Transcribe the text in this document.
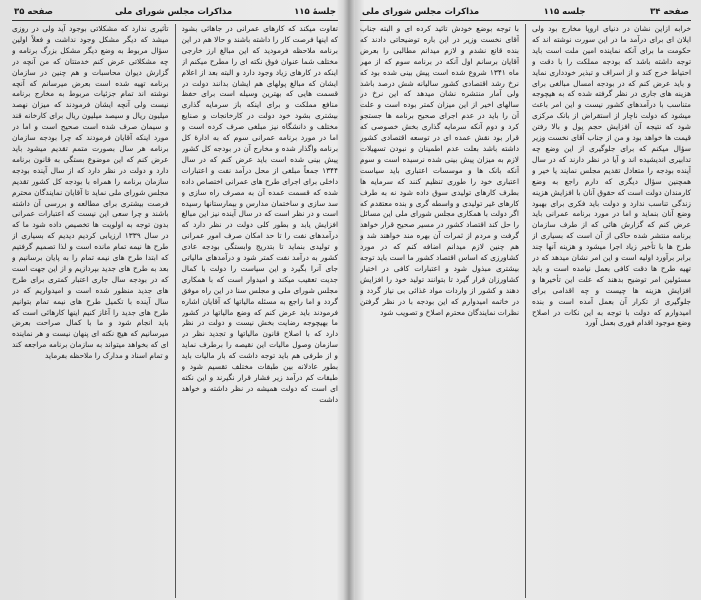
جلسهٔ ۱۱۵
مذاکرات مجلس شورای ملی
صفحه ۳۵

تفاوت میکند که کارهای عمرانی در جاهائی بشود که اینها فرصت کار را داشته باشند و حالا هم در این برنامه ملاحظه فرمودید که این مبالغ ارز خارجی مختلف شما عنوان فوق نکته ای را مطرح میکنم از اینکه در کارهای زیاد وجود دارد و البته بعد از اعلام ایشان که مبالغ پولهای هم ایشان بدانند دولت در قسمت هایی که بهترین وسیله است برای حفظ منافع مملکت و برای اینکه باز سرمایه گذاری بیشتری بشود خود دولت در کارخانجات و صنایع مختلف و دانشگاه نیز مبلغی صرف کرده است و اما در مورد برنامه عمرانی سوم که به ادارهٔ کل برنامه واگذار شده و مخارج آن در بودجه کل کشور پیش بینی شده است باید عرض کنم که در سال ۱۳۴۴ جمعاً مبلغی از محل درآمد نفت و اعتبارات داخلی برای اجرای طرح های عمرانی اختصاص داده شده که قسمت عمده آن به مصرف راه سازی و سد سازی و ساختمان مدارس و بیمارستانها رسیده است و در نظر است که در سال آینده نیز این مبالغ افزایش یابد و بطور کلی دولت در نظر دارد که درآمدهای نفت را تا حد امکان صرف امور عمرانی و تولیدی بنماید تا بتدریج وابستگی بودجه عادی کشور به درآمد نفت کمتر شود و درآمدهای مالیاتی جای آنرا بگیرد و این سیاست را دولت با کمال جدیت تعقیب میکند و امیدوار است که با همکاری مجلس شورای ملی و مجلس سنا در این راه موفق گردد و اما راجع به مسئله مالیاتها که آقایان اشاره فرمودند باید عرض کنم که وضع مالیاتها در کشور ما بهیچوجه رضایت بخش نیست و دولت در نظر دارد که با اصلاح قانون مالیاتها و تجدید نظر در سازمان وصول مالیات این نقیصه را برطرف نماید و از طرفی هم باید توجه داشت که بار مالیات باید بطور عادلانه بین طبقات مختلف تقسیم شود و طبقات کم درآمد زیر فشار قرار نگیرند و این نکته ای است که دولت همیشه در نظر داشته و خواهد داشت

تأثیری ندارد که مشکلاتی بوجود آید ولی در روزی میشد که دیگر مشکل وجود نداشت و فعلاً اولین سؤال مربوط به وضع دیگر مشکل بزرگ برنامه و چه مشکلاتی عرض کنم خدمتتان که من آنچه در گزارش دیوان محاسبات و هم چنین در سازمان برنامه تهیه شده است بعرض میرسانم که آنچه نوشته اند تمام جزئیات مربوط به مخارج برنامه نیست ولی آنچه ایشان فرمودند که میزان نهصد میلیون ریال و سیصد میلیون ریال برای کارخانه قند و سیمان صرف شده است صحیح است و اما در مورد اینکه آقایان فرمودند که چرا بودجه سازمان برنامه هر سال بصورت متمم تقدیم میشود باید عرض کنم که این موضوع بستگی به قانون برنامه دارد و دولت در نظر دارد که از سال آینده بودجه سازمان برنامه را همراه با بودجه کل کشور تقدیم مجلس شورای ملی نماید تا آقایان نمایندگان محترم فرصت بیشتری برای مطالعه و بررسی آن داشته باشند و چرا سعی این نیست که اعتبارات عمرانی بدون توجه به اولویت ها تخصیص داده شود ما که در سال ۱۳۳۹ ارزیابی کردیم دیدیم که بسیاری از طرح ها نیمه تمام مانده است و لذا تصمیم گرفتیم که ابتدا طرح های نیمه تمام را به پایان برسانیم و بعد به طرح های جدید بپردازیم و از این جهت است که در بودجه سال جاری اعتبار کمتری برای طرح های جدید منظور شده است و امیدواریم که در سال آینده با تکمیل طرح های نیمه تمام بتوانیم طرح های جدید را آغاز کنیم اینها کارهائی است که باید انجام شود و ما با کمال صراحت بعرض میرسانیم که هیچ نکته ای پنهان نیست و هر نماینده ای که بخواهد میتواند به سازمان برنامه مراجعه کند و تمام اسناد و مدارک را ملاحظه بفرماید

صفحه ۳۴
جلسه ۱۱۵
مذاکرات مجلس شورای ملی

خرابه ازاین نشان در دنیای اروپا مخارج بود ولی ایلان ای برای درآمد ما در این سورت نوشته اند که حکومت ما برای آنکه نماینده امین ملت است باید توجه داشته باشد که بودجه مملکت را با دقت و احتیاط خرج کند و از اسراف و تبذیر خودداری نماید و باید عرض کنم که در بودجه امسال مبالغی برای هزینه های جاری در نظر گرفته شده که به هیچوجه متناسب با درآمدهای کشور نیست و این امر باعث میشود که دولت ناچار از استقراض از بانک مرکزی شود که نتیجه آن افزایش حجم پول و بالا رفتن قیمت ها خواهد بود و من از جناب آقای نخست وزیر سؤال میکنم که برای جلوگیری از این وضع چه تدابیری اندیشیده اند و آیا در نظر دارند که در سال آینده بودجه را متعادل تقدیم مجلس نمایند یا خیر و همچنین سؤال دیگری که دارم راجع به وضع کارمندان دولت است که حقوق آنان با افزایش هزینه زندگی تناسب ندارد و دولت باید فکری برای بهبود وضع آنان بنماید و اما در مورد برنامه عمرانی باید عرض کنم که گزارش هائی که از طرف سازمان برنامه منتشر شده حاکی از آن است که بسیاری از طرح ها با تأخیر زیاد اجرا میشود و هزینه آنها چند برابر برآورد اولیه است و این امر نشان میدهد که در تهیه طرح ها دقت کافی بعمل نیامده است و باید مسئولین امر توضیح بدهند که علت این تأخیرها و افزایش هزینه ها چیست و چه اقدامی برای جلوگیری از تکرار آن بعمل آمده است و بنده امیدوارم که دولت با توجه به این نکات در اصلاح وضع موجود اقدام فوری بعمل آورد

با توجه بوضع خودش تائید کرده ای و البته جناب آقای نخست وزیر در این باره توضیحاتی دادند که بنده قانع نشدم و لازم میدانم مطالبی را بعرض آقایان برسانم اول آنکه در برنامه سوم که از مهر ماه ۱۳۴۱ شروع شده است پیش بینی شده بود که نرخ رشد اقتصادی کشور سالیانه شش درصد باشد ولی آمار منتشره نشان میدهد که این نرخ در سالهای اخیر از این میزان کمتر بوده است و علت آن را باید در عدم اجرای صحیح برنامه ها جستجو کرد و دوم آنکه سرمایه گذاری بخش خصوصی که قرار بود نقش عمده ای در توسعه اقتصادی کشور داشته باشد بعلت عدم اطمینان و نبودن تسهیلات لازم به میزان پیش بینی شده نرسیده است و سوم آنکه بانک ها و موسسات اعتباری باید سیاست اعتباری خود را طوری تنظیم کنند که سرمایه ها بطرف کارهای تولیدی سوق داده شود نه به طرف کارهای غیر تولیدی و واسطه گری و بنده معتقدم که اگر دولت با همکاری مجلس شورای ملی این مسائل را حل کند اقتصاد کشور در مسیر صحیح قرار خواهد گرفت و مردم از ثمرات آن بهره مند خواهند شد و هم چنین لازم میدانم اضافه کنم که در مورد کشاورزی که اساس اقتصاد کشور ما است باید توجه بیشتری مبذول شود و اعتبارات کافی در اختیار کشاورزان قرار گیرد تا بتوانند تولید خود را افزایش دهند و کشور از واردات مواد غذائی بی نیاز گردد و در خاتمه امیدوارم که این بودجه با در نظر گرفتن نظرات نمایندگان محترم اصلاح و تصویب شود
